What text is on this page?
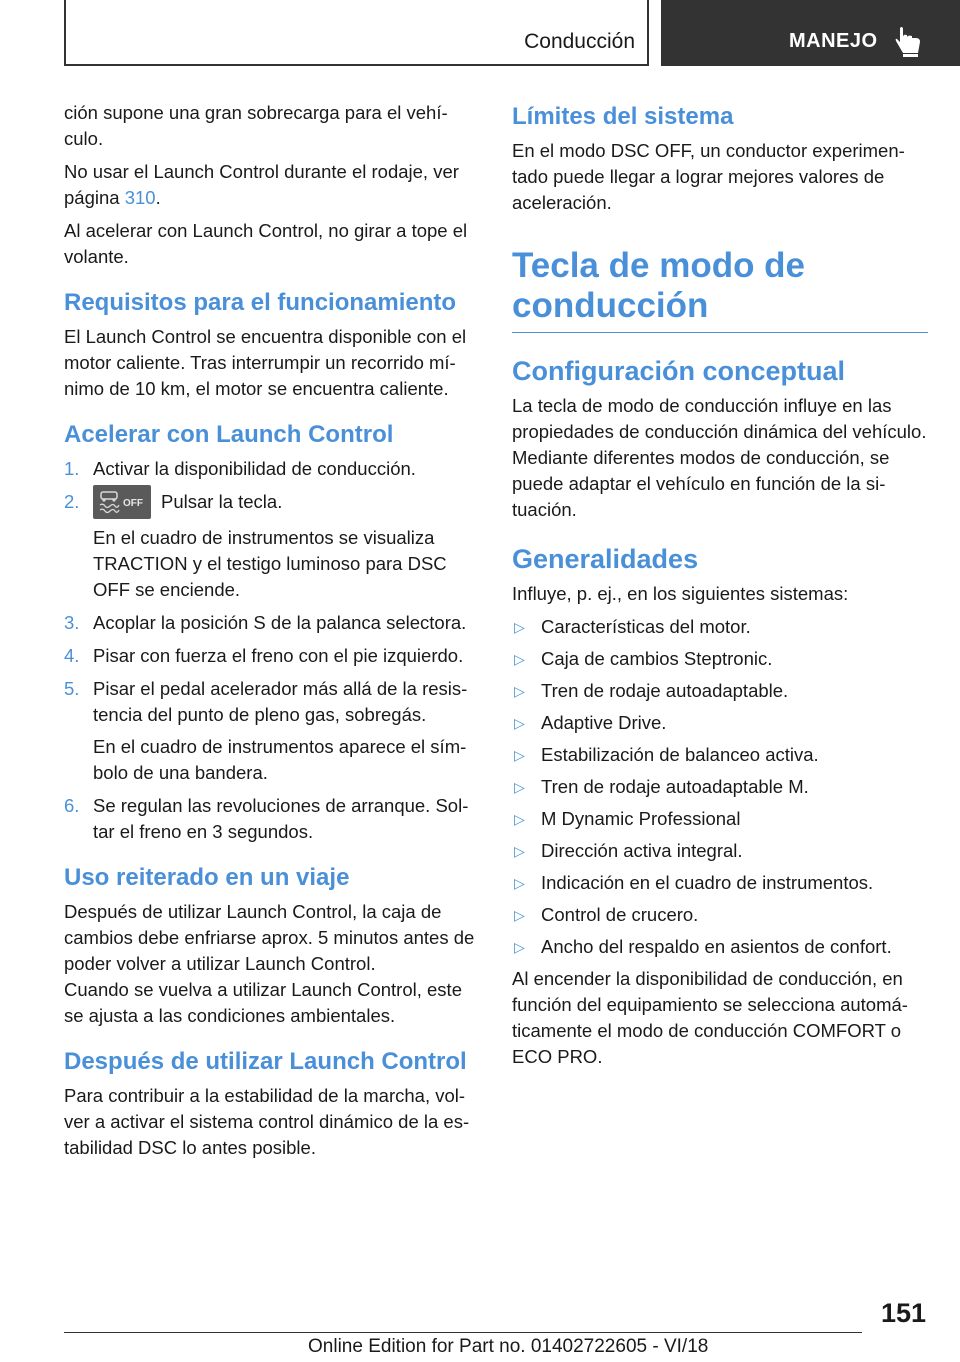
Conducción	MANEJO

ción supone una gran sobrecarga para el vehículo.

No usar el Launch Control durante el rodaje, ver página 310.

Al acelerar con Launch Control, no girar a tope el volante.

Requisitos para el funcionamiento

El Launch Control se encuentra disponible con el motor caliente. Tras interrumpir un recorrido mínimo de 10 km, el motor se encuentra caliente.

Acelerar con Launch Control
1. Activar la disponibilidad de conducción.
2.	OFF Pulsar la tecla.
En el cuadro de instrumentos se visualiza TRACTION y el testigo luminoso para DSC OFF se enciende.
3. Acoplar la posición S de la palanca selectora.
4. Pisar con fuerza el freno con el pie izquierdo.
5. Pisar el pedal acelerador más allá de la resistencia del punto de pleno gas, sobregás.
En el cuadro de instrumentos aparece el símbolo de una bandera.
6. Se regulan las revoluciones de arranque. Soltar el freno en 3 segundos.
Uso reiterado en un viaje

Después de utilizar Launch Control, la caja de cambios debe enfriarse aprox. 5 minutos antes de poder volver a utilizar Launch Control.

Cuando se vuelva a utilizar Launch Control, este se ajusta a las condiciones ambientales.

Después de utilizar Launch Control

Para contribuir a la estabilidad de la marcha, volver a activar el sistema control dinámico de la estabilidad DSC lo antes posible.

Límites del sistema

En el modo DSC OFF, un conductor experimentado puede llegar a lograr mejores valores de aceleración.

Tecla de modo de conducción
Configuración conceptual

La tecla de modo de conducción influye en las propiedades de conducción dinámica del vehículo. Mediante diferentes modos de conducción, se puede adaptar el vehículo en función de la situación.

Generalidades

Influye, p. ej., en los siguientes sistemas:

▷ Características del motor.
▷ Caja de cambios Steptronic.
▷ Tren de rodaje autoadaptable.
▷ Adaptive Drive.
▷ Estabilización de balanceo activa.
▷ Tren de rodaje autoadaptable M.
▷ M Dynamic Professional
▷ Dirección activa integral.
▷ Indicación en el cuadro de instrumentos.
▷ Control de crucero.
▷ Ancho del respaldo en asientos de confort.

Al encender la disponibilidad de conducción, en función del equipamiento se selecciona automáticamente el modo de conducción COMFORT o ECO PRO.

151
Online Edition for Part no. 01402722605 - VI/18
